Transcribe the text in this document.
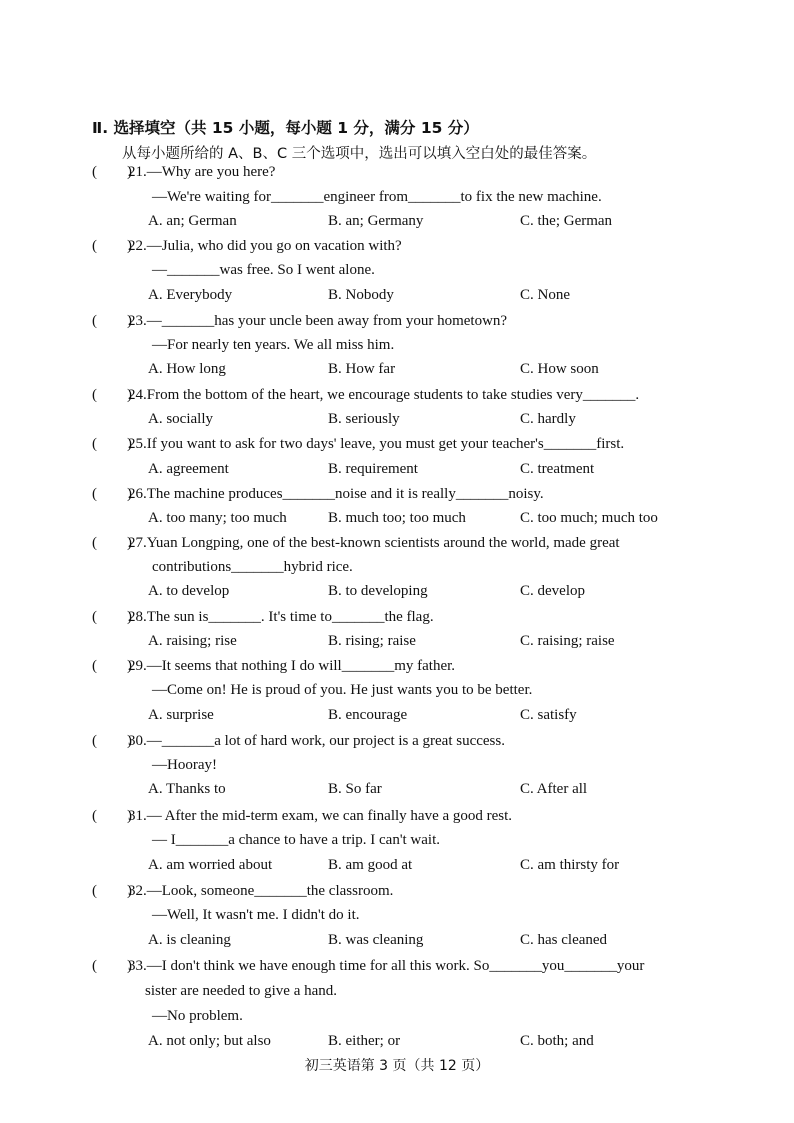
Ⅱ. 选择填空（共 15 小题，每小题 1 分，满分 15 分）
从每小题所给的 A、B、C 三个选项中，选出可以填入空白处的最佳答案。
(        )
21.—Why are you here?
—We're waiting for_______engineer from_______to fix the new machine.
A. an; German	B. an; Germany	C. the; German
(        )
22.—Julia, who did you go on vacation with?
—_______was free. So I went alone.
A. Everybody	B. Nobody	C. None
(        )
23.—_______has your uncle been away from your hometown?
—For nearly ten years. We all miss him.
A. How long	B. How far	C. How soon
(        )
24.From the bottom of the heart, we encourage students to take studies very_______.
A. socially	B. seriously	C. hardly
(        )
25.If you want to ask for two days' leave, you must get your teacher's_______first.
A. agreement	B. requirement	C. treatment
(        )
26.The machine produces_______noise and it is really_______noisy.
A. too many; too much	B. much too; too much	C. too much; much too
(        )
27.Yuan Longping, one of the best-known scientists around the world, made great
contributions_______hybrid rice.
A. to develop	B. to developing	C. develop
(        )
28.The sun is_______. It's time to_______the flag.
A. raising; rise	B. rising; raise	C. raising; raise
(        )
29.—It seems that nothing I do will_______my father.
—Come on! He is proud of you. He just wants you to be better.
A. surprise	B. encourage	C. satisfy
(        )
30.—_______a lot of hard work, our project is a great success.
—Hooray!
A. Thanks to	B. So far	C. After all
(        )
31.— After the mid-term exam, we can finally have a good rest.
— I_______a chance to have a trip. I can't wait.
A. am worried about	B. am good at	C. am thirsty for
(        )
32.—Look, someone_______the classroom.
—Well, It wasn't me. I didn't do it.
A. is cleaning	B. was cleaning	C. has cleaned
(        )
33.—I don't think we have enough time for all this work. So_______you_______your
sister are needed to give a hand.
—No problem.
A. not only; but also	B. either; or	C. both; and
初三英语第 3 页（共 12 页）
